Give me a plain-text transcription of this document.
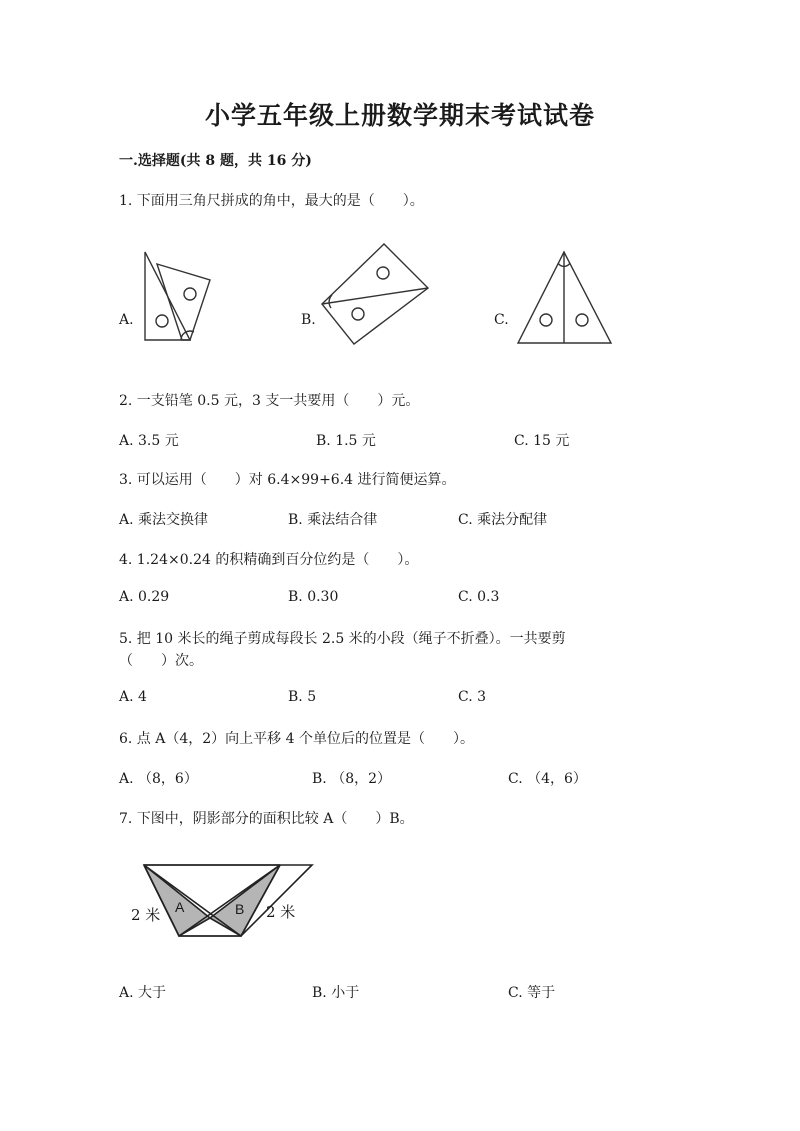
小学五年级上册数学期末考试试卷
一.选择题(共 8 题，共 16 分)
1. 下面用三角尺拼成的角中，最大的是（　　）。
A.	B.	C.
2. 一支铅笔 0.5 元，3 支一共要用（　　）元。
A. 3.5 元	B. 1.5 元	C. 15 元
3. 可以运用（　　）对 6.4×99+6.4 进行简便运算。
A. 乘法交换律	B. 乘法结合律	C. 乘法分配律
4. 1.24×0.24 的积精确到百分位约是（　　）。
A. 0.29	B. 0.30	C. 0.3
5. 把 10 米长的绳子剪成每段长 2.5 米的小段（绳子不折叠）。一共要剪
（　　）次。
A. 4	B. 5	C. 3
6. 点 A（4，2）向上平移 4 个单位后的位置是（　　）。
A. （8，6）	B. （8，2）	C. （4，6）
7. 下图中，阴影部分的面积比较 A（　　）B。
A	B
2 米	2 米
A. 大于	B. 小于	C. 等于
